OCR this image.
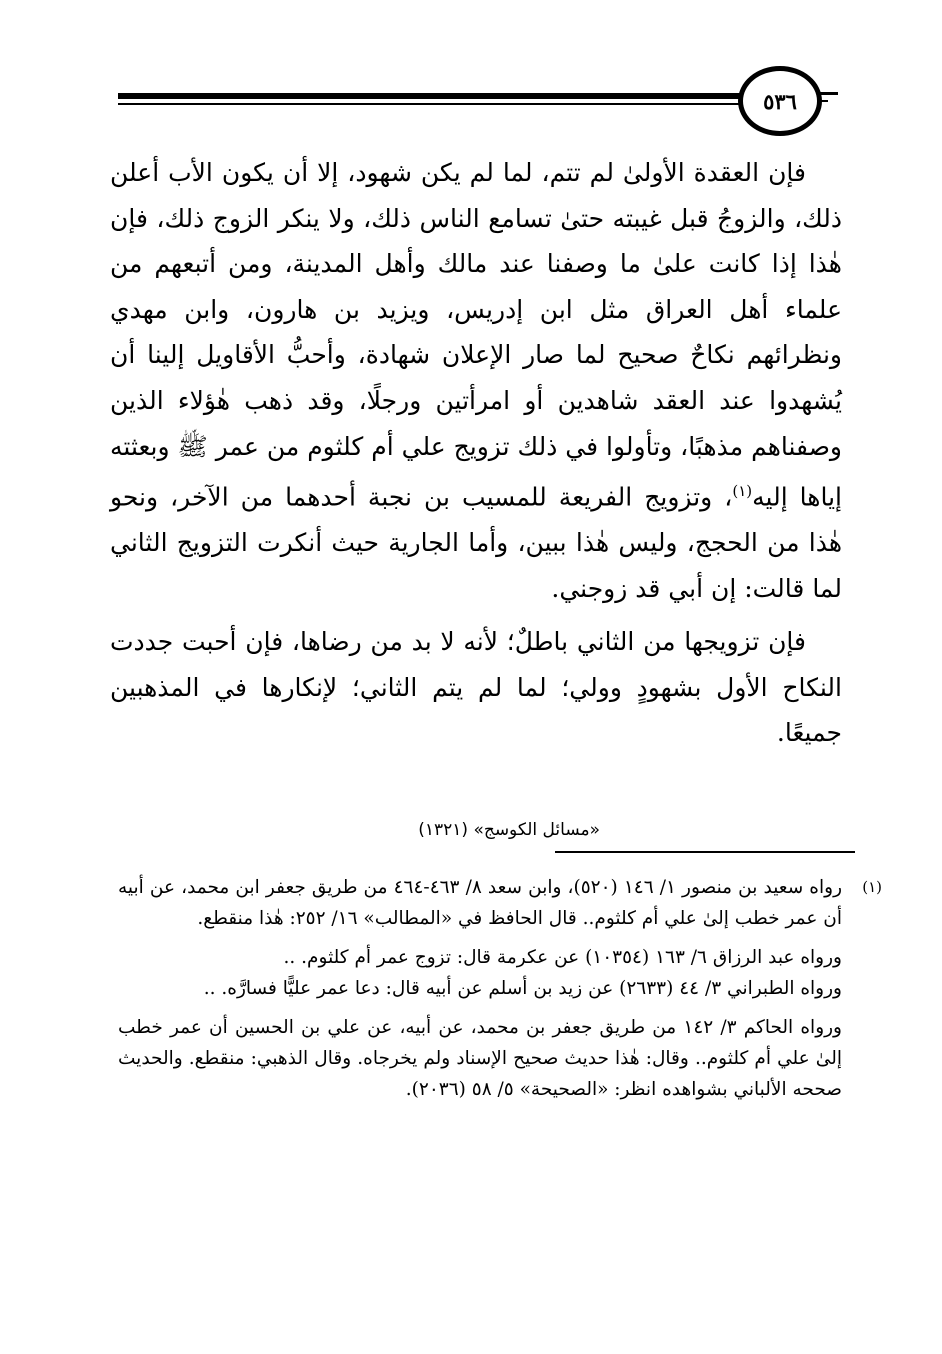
٥٣٦

فإن العقدة الأولىٰ لم تتم، لما لم يكن شهود، إلا أن يكون الأب أعلن ذلك، والزوجُ قبل غيبته حتىٰ تسامع الناس ذلك، ولا ينكر الزوج ذلك، فإن هٰذا إذا كانت علىٰ ما وصفنا عند مالك وأهل المدينة، ومن أتبعهم من علماء أهل العراق مثل ابن إدريس، ويزيد بن هارون، وابن مهدي ونظرائهم نكاحٌ صحيح لما صار الإعلان شهادة، وأحبُّ الأقاويل إلينا أن يُشهدوا عند العقد شاهدين أو امرأتين ورجلًا، وقد ذهب هٰؤلاء الذين وصفناهم مذهبًا، وتأولوا في ذلك تزويج علي أم كلثوم من عمر ﷺ وبعثته إياها إليه$^{(١)}$، وتزويج الفريعة للمسيب بن نجبة أحدهما من الآخر، ونحو هٰذا من الحجج، وليس هٰذا ببين، وأما الجارية حيث أنكرت التزويج الثاني لما قالت: إن أبي قد زوجني.

فإن تزويجها من الثاني باطلٌ؛ لأنه لا بد من رضاها، فإن أحبت جددت النكاح الأول بشهودٍ وولي؛ لما لم يتم الثاني؛ لإنكارها في المذهبين جميعًا.

«مسائل الكوسج» (١٣٢١)
(١)

رواه سعيد بن منصور ١/ ١٤٦ (٥٢٠)، وابن سعد ٨/ ٤٦٣-٤٦٤ من طريق جعفر ابن محمد، عن أبيه أن عمر خطب إلىٰ علي أم كلثوم.. قال الحافظ في «المطالب» ١٦/ ٢٥٢: هٰذا منقطع.

ورواه عبد الرزاق ٦/ ١٦٣ (١٠٣٥٤) عن عكرمة قال: تزوج عمر أم كلثوم. ..

ورواه الطبراني ٣/ ٤٤ (٢٦٣٣) عن زيد بن أسلم عن أبيه قال: دعا عمر عليًّا فسارَّه. ..

ورواه الحاكم ٣/ ١٤٢ من طريق جعفر بن محمد، عن أبيه، عن علي بن الحسين أن عمر خطب إلىٰ علي أم كلثوم.. وقال: هٰذا حديث صحيح الإسناد ولم يخرجاه. وقال الذهبي: منقطع. والحديث صححه الألباني بشواهده انظر: «الصحيحة» ٥/ ٥٨ (٢٠٣٦).
